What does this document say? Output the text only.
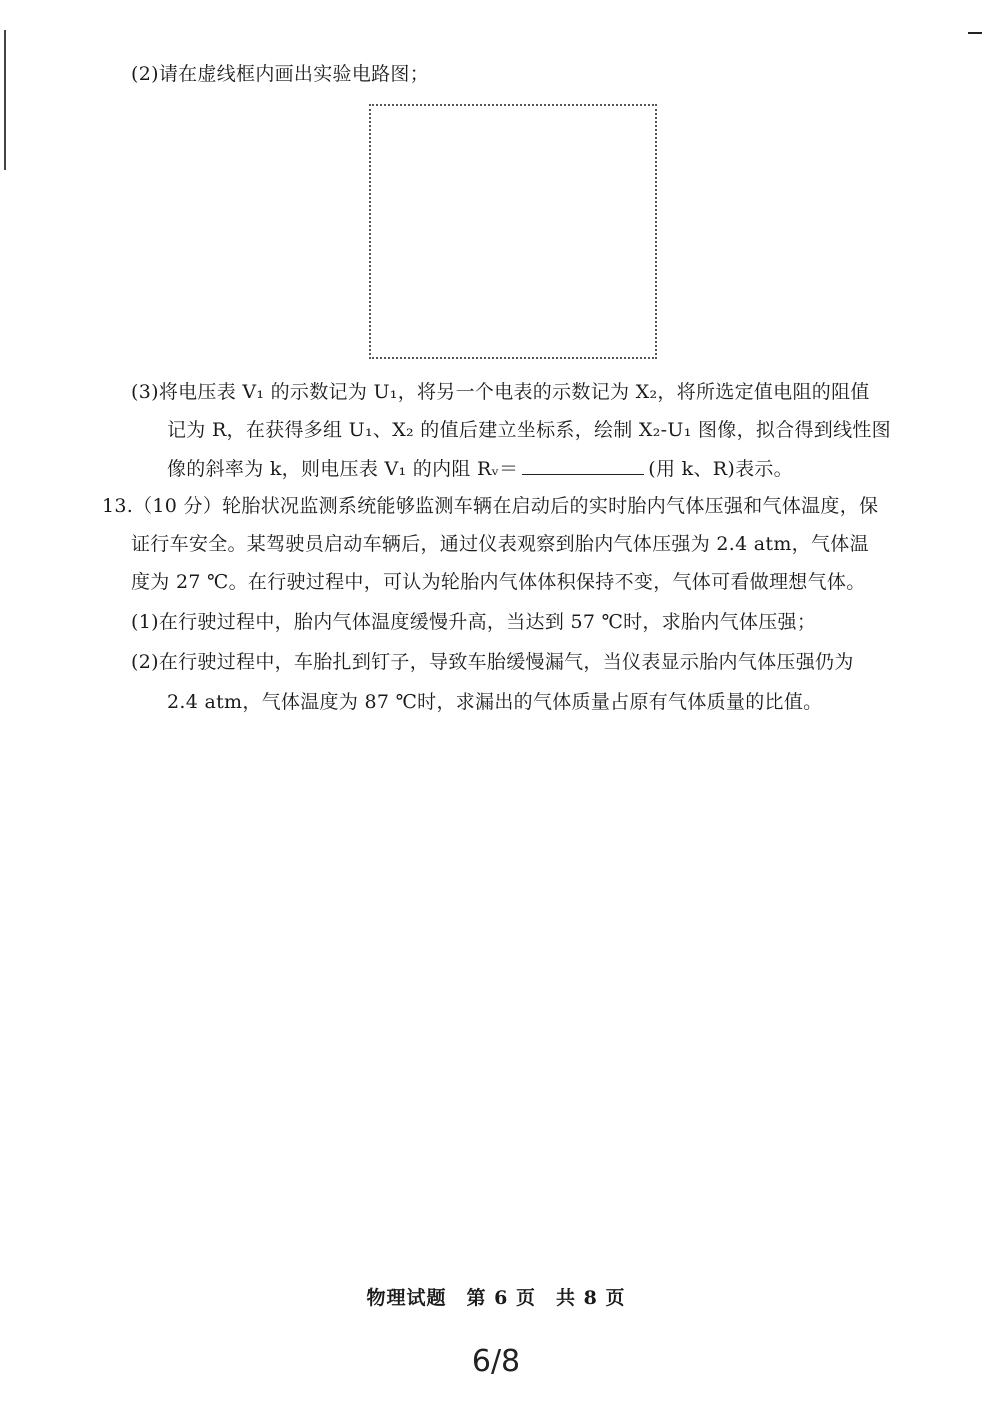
(2)请在虚线框内画出实验电路图；
(3)将电压表 V₁ 的示数记为 U₁，将另一个电表的示数记为 X₂，将所选定值电阻的阻值
记为 R，在获得多组 U₁、X₂ 的值后建立坐标系，绘制 X₂-U₁ 图像，拟合得到线性图
像的斜率为 k，则电压表 V₁ 的内阻 Rᵥ＝	(用 k、R)表示。
13.（10 分）轮胎状况监测系统能够监测车辆在启动后的实时胎内气体压强和气体温度，保
证行车安全。某驾驶员启动车辆后，通过仪表观察到胎内气体压强为 2.4 atm，气体温
度为 27 ℃。在行驶过程中，可认为轮胎内气体体积保持不变，气体可看做理想气体。
(1)在行驶过程中，胎内气体温度缓慢升高，当达到 57 ℃时，求胎内气体压强；
(2)在行驶过程中，车胎扎到钉子，导致车胎缓慢漏气，当仪表显示胎内气体压强仍为
2.4 atm，气体温度为 87 ℃时，求漏出的气体质量占原有气体质量的比值。
物理试题　第 6 页　共 8 页
6/8
